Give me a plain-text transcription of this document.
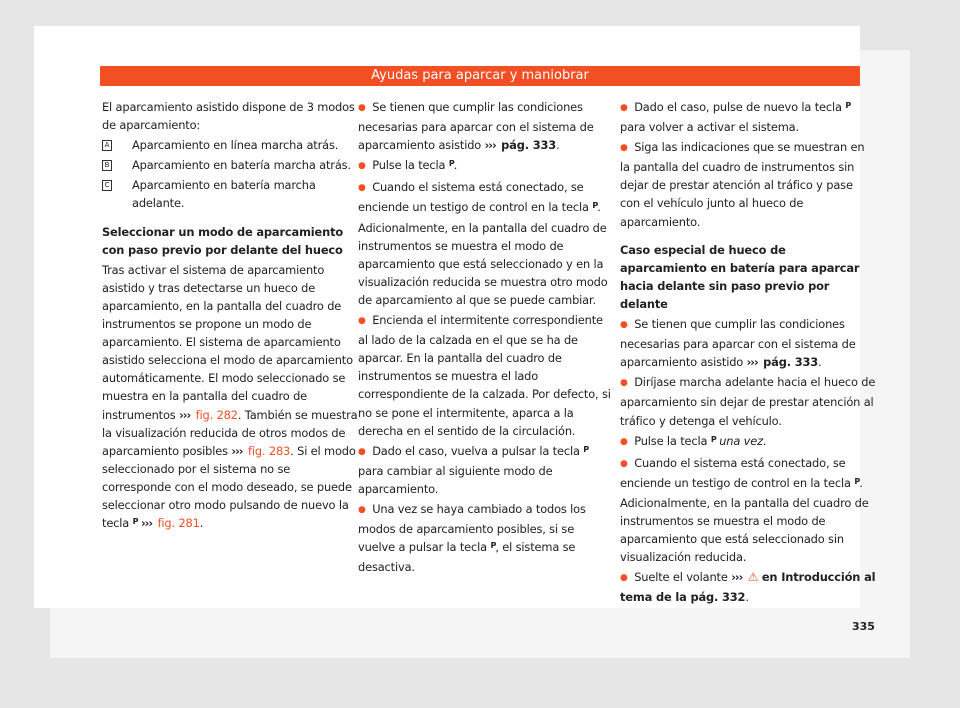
Ayudas para aparcar y maniobrar

El aparcamiento asistido dispone de 3 modos de aparcamiento:

A Aparcamiento en línea marcha atrás.
B Aparcamiento en batería marcha atrás.
C Aparcamiento en batería marcha adelante.
Seleccionar un modo de aparcamiento con paso previo por delante del hueco

Tras activar el sistema de aparcamiento asistido y tras detectarse un hueco de aparcamiento, en la pantalla del cuadro de instrumentos se propone un modo de aparcamiento. El sistema de aparcamiento asistido selecciona el modo de aparcamiento automáticamente. El modo seleccionado se muestra en la pantalla del cuadro de instrumentos ››› fig. 282. También se muestra la visualización reducida de otros modos de aparcamiento posibles ››› fig. 283. Si el modo seleccionado por el sistema no se corresponde con el modo deseado, se puede seleccionar otro modo pulsando de nuevo la tecla P ››› fig. 281.

● Se tienen que cumplir las condiciones necesarias para aparcar con el sistema de aparcamiento asistido ››› pág. 333.

● Pulse la tecla P.

● Cuando el sistema está conectado, se enciende un testigo de control en la tecla P. Adicionalmente, en la pantalla del cuadro de instrumentos se muestra el modo de aparcamiento que está seleccionado y en la visualización reducida se muestra otro modo de aparcamiento al que se puede cambiar.

● Encienda el intermitente correspondiente al lado de la calzada en el que se ha de aparcar. En la pantalla del cuadro de instrumentos se muestra el lado correspondiente de la calzada. Por defecto, si no se pone el intermitente, aparca a la derecha en el sentido de la circulación.

● Dado el caso, vuelva a pulsar la tecla P para cambiar al siguiente modo de aparcamiento.

● Una vez se haya cambiado a todos los modos de aparcamiento posibles, si se vuelve a pulsar la tecla P, el sistema se desactiva.

● Dado el caso, pulse de nuevo la tecla P para volver a activar el sistema.

● Siga las indicaciones que se muestran en la pantalla del cuadro de instrumentos sin dejar de prestar atención al tráfico y pase con el vehículo junto al hueco de aparcamiento.

Caso especial de hueco de aparcamiento en batería para aparcar hacia delante sin paso previo por delante

● Se tienen que cumplir las condiciones necesarias para aparcar con el sistema de aparcamiento asistido ››› pág. 333.

● Diríjase marcha adelante hacia el hueco de aparcamiento sin dejar de prestar atención al tráfico y detenga el vehículo.

● Pulse la tecla P una vez.

● Cuando el sistema está conectado, se enciende un testigo de control en la tecla P. Adicionalmente, en la pantalla del cuadro de instrumentos se muestra el modo de aparcamiento que está seleccionado sin visualización reducida.

● Suelte el volante ››› ⚠ en Introducción al tema de la pág. 332.

335
